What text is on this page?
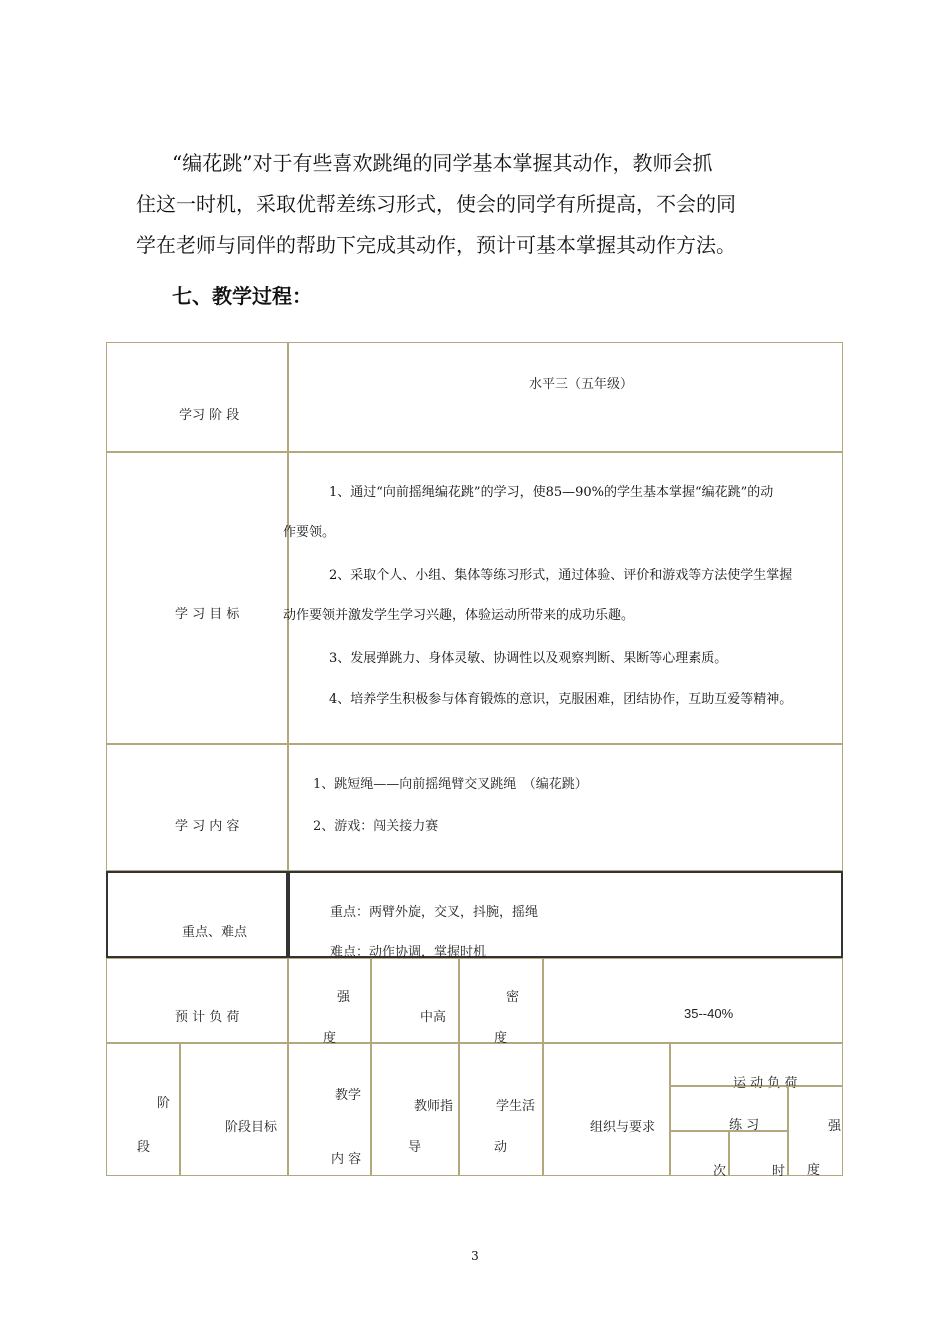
“编花跳”对于有些喜欢跳绳的同学基本掌握其动作，教师会抓
住这一时机，采取优帮差练习形式，使会的同学有所提高，不会的同
学在老师与同伴的帮助下完成其动作，预计可基本掌握其动作方法。

七、教学过程：
学习 阶 段
水平三（五年级）
学 习 目 标
1、通过“向前摇绳编花跳”的学习，使85—90%的学生基本掌握“编花跳”的动
作要领。
2、采取个人、小组、集体等练习形式，通过体验、评价和游戏等方法使学生掌握
动作要领并激发学生学习兴趣，体验运动所带来的成功乐趣。
3、发展弹跳力、身体灵敏、协调性以及观察判断、果断等心理素质。
4、培养学生积极参与体育锻炼的意识，克服困难，团结协作，互助互爱等精神。
学 习 内 容
1、跳短绳——向前摇绳臂交叉跳绳　（编花跳）
2、游戏：闯关接力赛
重点、难点
重点：两臂外旋，交叉，抖腕，摇绳
难点：动作协调，掌握时机
预 计 负 荷
强
度
中高
密
度
35--40%
阶
段
阶段目标
教学
内 容
教师指
导
学生活
动
组织与要求
运 动 负 荷
练 习
次	时
强
度
3
